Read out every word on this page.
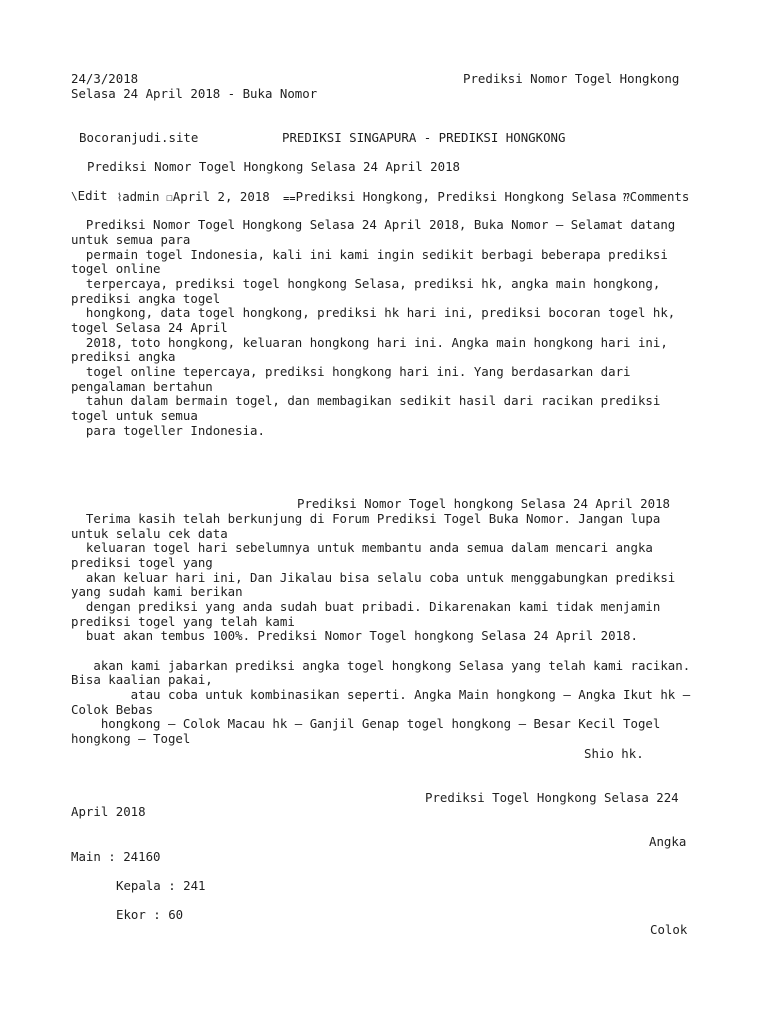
24/3/2018	Prediksi Nomor Togel Hongkong
Selasa 24 April 2018 - Buka Nomor
Bocoranjudi.site	PREDIKSI SINGAPURA - PREDIKSI HONGKONG
Prediksi Nomor Togel Hongkong Selasa 24 April 2018

⌇admin ☐April 2, 2018  ⩵Prediksi Hongkong, Prediksi Hongkong Selasa ⁇Comments

\Edit
Prediksi Nomor Togel Hongkong Selasa 24 April 2018, Buka Nomor – Selamat datang
untuk semua para
permain togel Indonesia, kali ini kami ingin sedikit berbagi beberapa prediksi
togel online
terpercaya, prediksi togel hongkong Selasa, prediksi hk, angka main hongkong,
prediksi angka togel
hongkong, data togel hongkong, prediksi hk hari ini, prediksi bocoran togel hk,
togel Selasa 24 April
2018, toto hongkong, keluaran hongkong hari ini. Angka main hongkong hari ini,
prediksi angka
togel online tepercaya, prediksi hongkong hari ini. Yang berdasarkan dari
pengalaman bertahun
tahun dalam bermain togel, dan membagikan sedikit hasil dari racikan prediksi
togel untuk semua
para togeller Indonesia.
Prediksi Nomor Togel hongkong Selasa 24 April 2018
Terima kasih telah berkunjung di Forum Prediksi Togel Buka Nomor. Jangan lupa
untuk selalu cek data
keluaran togel hari sebelumnya untuk membantu anda semua dalam mencari angka
prediksi togel yang
akan keluar hari ini, Dan Jikalau bisa selalu coba untuk menggabungkan prediksi
yang sudah kami berikan
dengan prediksi yang anda sudah buat pribadi. Dikarenakan kami tidak menjamin
prediksi togel yang telah kami
buat akan tembus 100%. Prediksi Nomor Togel hongkong Selasa 24 April 2018.
akan kami jabarkan prediksi angka togel hongkong Selasa yang telah kami racikan.
Bisa kaalian pakai,
atau coba untuk kombinasikan seperti. Angka Main hongkong – Angka Ikut hk –
Colok Bebas
hongkong – Colok Macau hk – Ganjil Genap togel hongkong – Besar Kecil Togel
hongkong – Togel
Shio hk.
Prediksi Togel Hongkong Selasa 224
April 2018
Angka
Main : 24160
Kepala : 241
Ekor : 60
Colok
